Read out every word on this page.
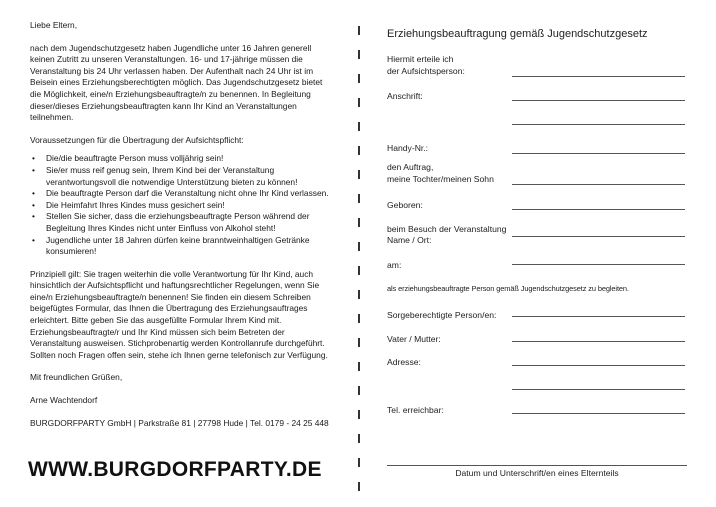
Liebe Eltern,

nach dem Jugendschutzgesetz haben Jugendliche unter 16 Jahren generell keinen Zutritt zu unseren Veranstaltungen. 16- und 17-jährige müssen die Veranstaltung bis 24 Uhr verlassen haben. Der Aufenthalt nach 24 Uhr ist im Beisein eines Erziehungsberechtigten möglich. Das Jugendschutzgesetz bietet die Möglichkeit, eine/n Erziehungsbeauftragte/n zu benennen. In Begleitung dieser/dieses Erziehungsbeauftragten kann Ihr Kind an Veranstaltungen teilnehmen.

Voraussetzungen für die Übertragung der Aufsichtspflicht:

• Die/die beauftragte Person muss volljährig sein!
• Sie/er muss reif genug sein, Ihrem Kind bei der Veranstaltung verantwortungsvoll die notwendige Unterstützung bieten zu können!
• Die beauftragte Person darf die Veranstaltung nicht ohne Ihr Kind verlassen.
• Die Heimfahrt Ihres Kindes muss gesichert sein!
• Stellen Sie sicher, dass die erziehungsbeauftragte Person während der Begleitung Ihres Kindes nicht unter Einfluss von Alkohol steht!
• Jugendliche unter 18 Jahren dürfen keine branntweinhaltigen Getränke konsumieren!

Prinzipiell gilt: Sie tragen weiterhin die volle Verantwortung für Ihr Kind, auch hinsichtlich der Aufsichtspflicht und haftungsrechtlicher Regelungen, wenn Sie eine/n Erziehungsbeauftragte/n benennen! Sie finden ein diesem Schreiben beigefügtes Formular, das Ihnen die Übertragung des Erziehungsauftrages erleichtert. Bitte geben Sie das ausgefüllte Formular Ihrem Kind mit. Erziehungsbeauftragte/r und Ihr Kind müssen sich beim Betreten der Veranstaltung ausweisen. Stichprobenartig werden Kontrollanrufe durchgeführt. Sollten noch Fragen offen sein, stehe ich Ihnen gerne telefonisch zur Verfügung.

Mit freundlichen Grüßen,

Arne Wachtendorf

BURGDORFPARTY GmbH | Parkstraße 81 | 27798 Hude | Tel. 0179 - 24 25 448

WWW.BURGDORFPARTY.DE
Erziehungsbeauftragung gemäß Jugendschutzgesetz
Hiermit erteile ich
der Aufsichtsperson:
Anschrift:
Handy-Nr.:
den Auftrag,
meine Tochter/meinen Sohn
Geboren:
beim Besuch der Veranstaltung
Name / Ort:
am:
als erziehungsbeauftragte Person gemäß Jugendschutzgesetz zu begleiten.
Sorgeberechtigte Person/en:
Vater / Mutter:
Adresse:
Tel. erreichbar:
Datum und Unterschrift/en eines Elternteils
